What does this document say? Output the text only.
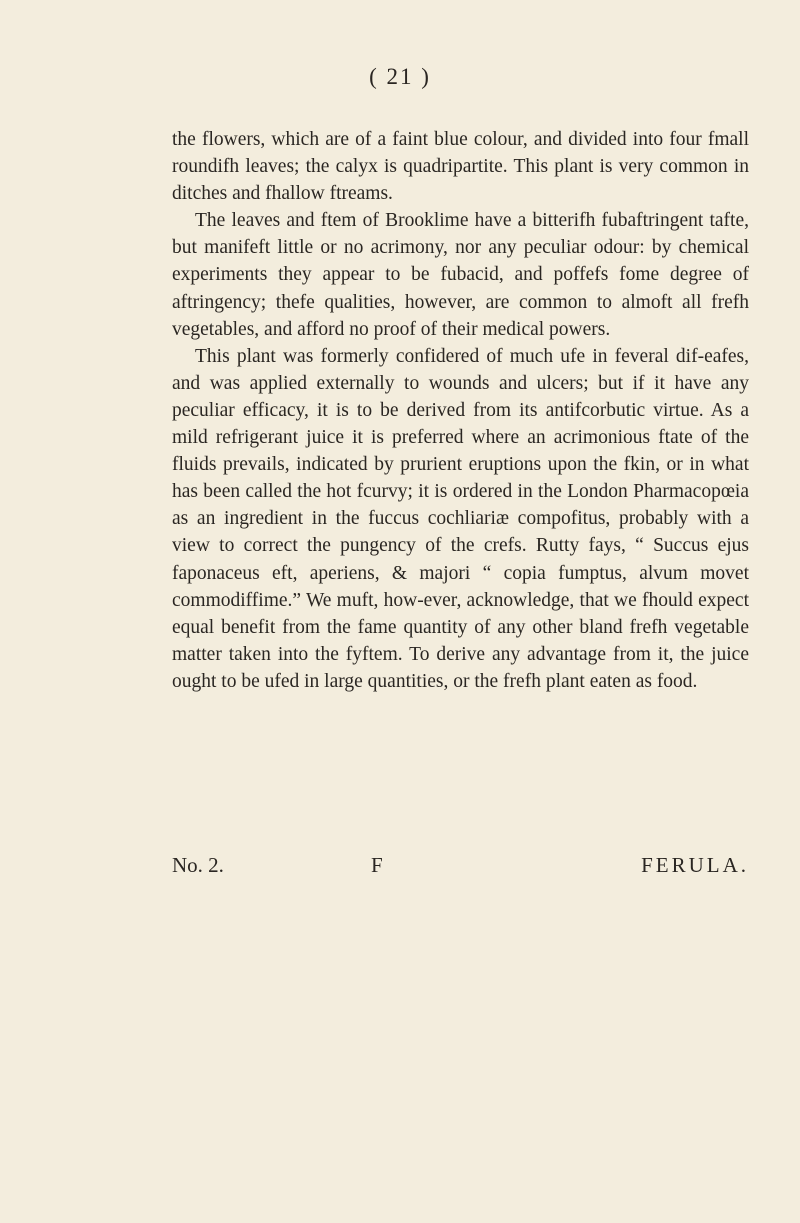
( 21 )

the flowers, which are of a faint blue colour, and divided into four fmall roundifh leaves; the calyx is quadripartite. This plant is very common in ditches and fhallow ftreams.

The leaves and ftem of Brooklime have a bitterifh fubaftringent tafte, but manifeft little or no acrimony, nor any peculiar odour: by chemical experiments they appear to be fubacid, and poffefs fome degree of aftringency; thefe qualities, however, are common to almoft all frefh vegetables, and afford no proof of their medical powers.

This plant was formerly confidered of much ufe in feveral dif-eafes, and was applied externally to wounds and ulcers; but if it have any peculiar efficacy, it is to be derived from its antifcorbutic virtue. As a mild refrigerant juice it is preferred where an acrimonious ftate of the fluids prevails, indicated by prurient eruptions upon the fkin, or in what has been called the hot fcurvy; it is ordered in the London Pharmacopœia as an ingredient in the fuccus cochliariæ compofitus, probably with a view to correct the pungency of the crefs. Rutty fays, “ Succus ejus faponaceus eft, aperiens, & majori “ copia fumptus, alvum movet commodiffime.” We muft, how-ever, acknowledge, that we fhould expect equal benefit from the fame quantity of any other bland frefh vegetable matter taken into the fyftem. To derive any advantage from it, the juice ought to be ufed in large quantities, or the frefh plant eaten as food.

No. 2.	F	FERULA.
